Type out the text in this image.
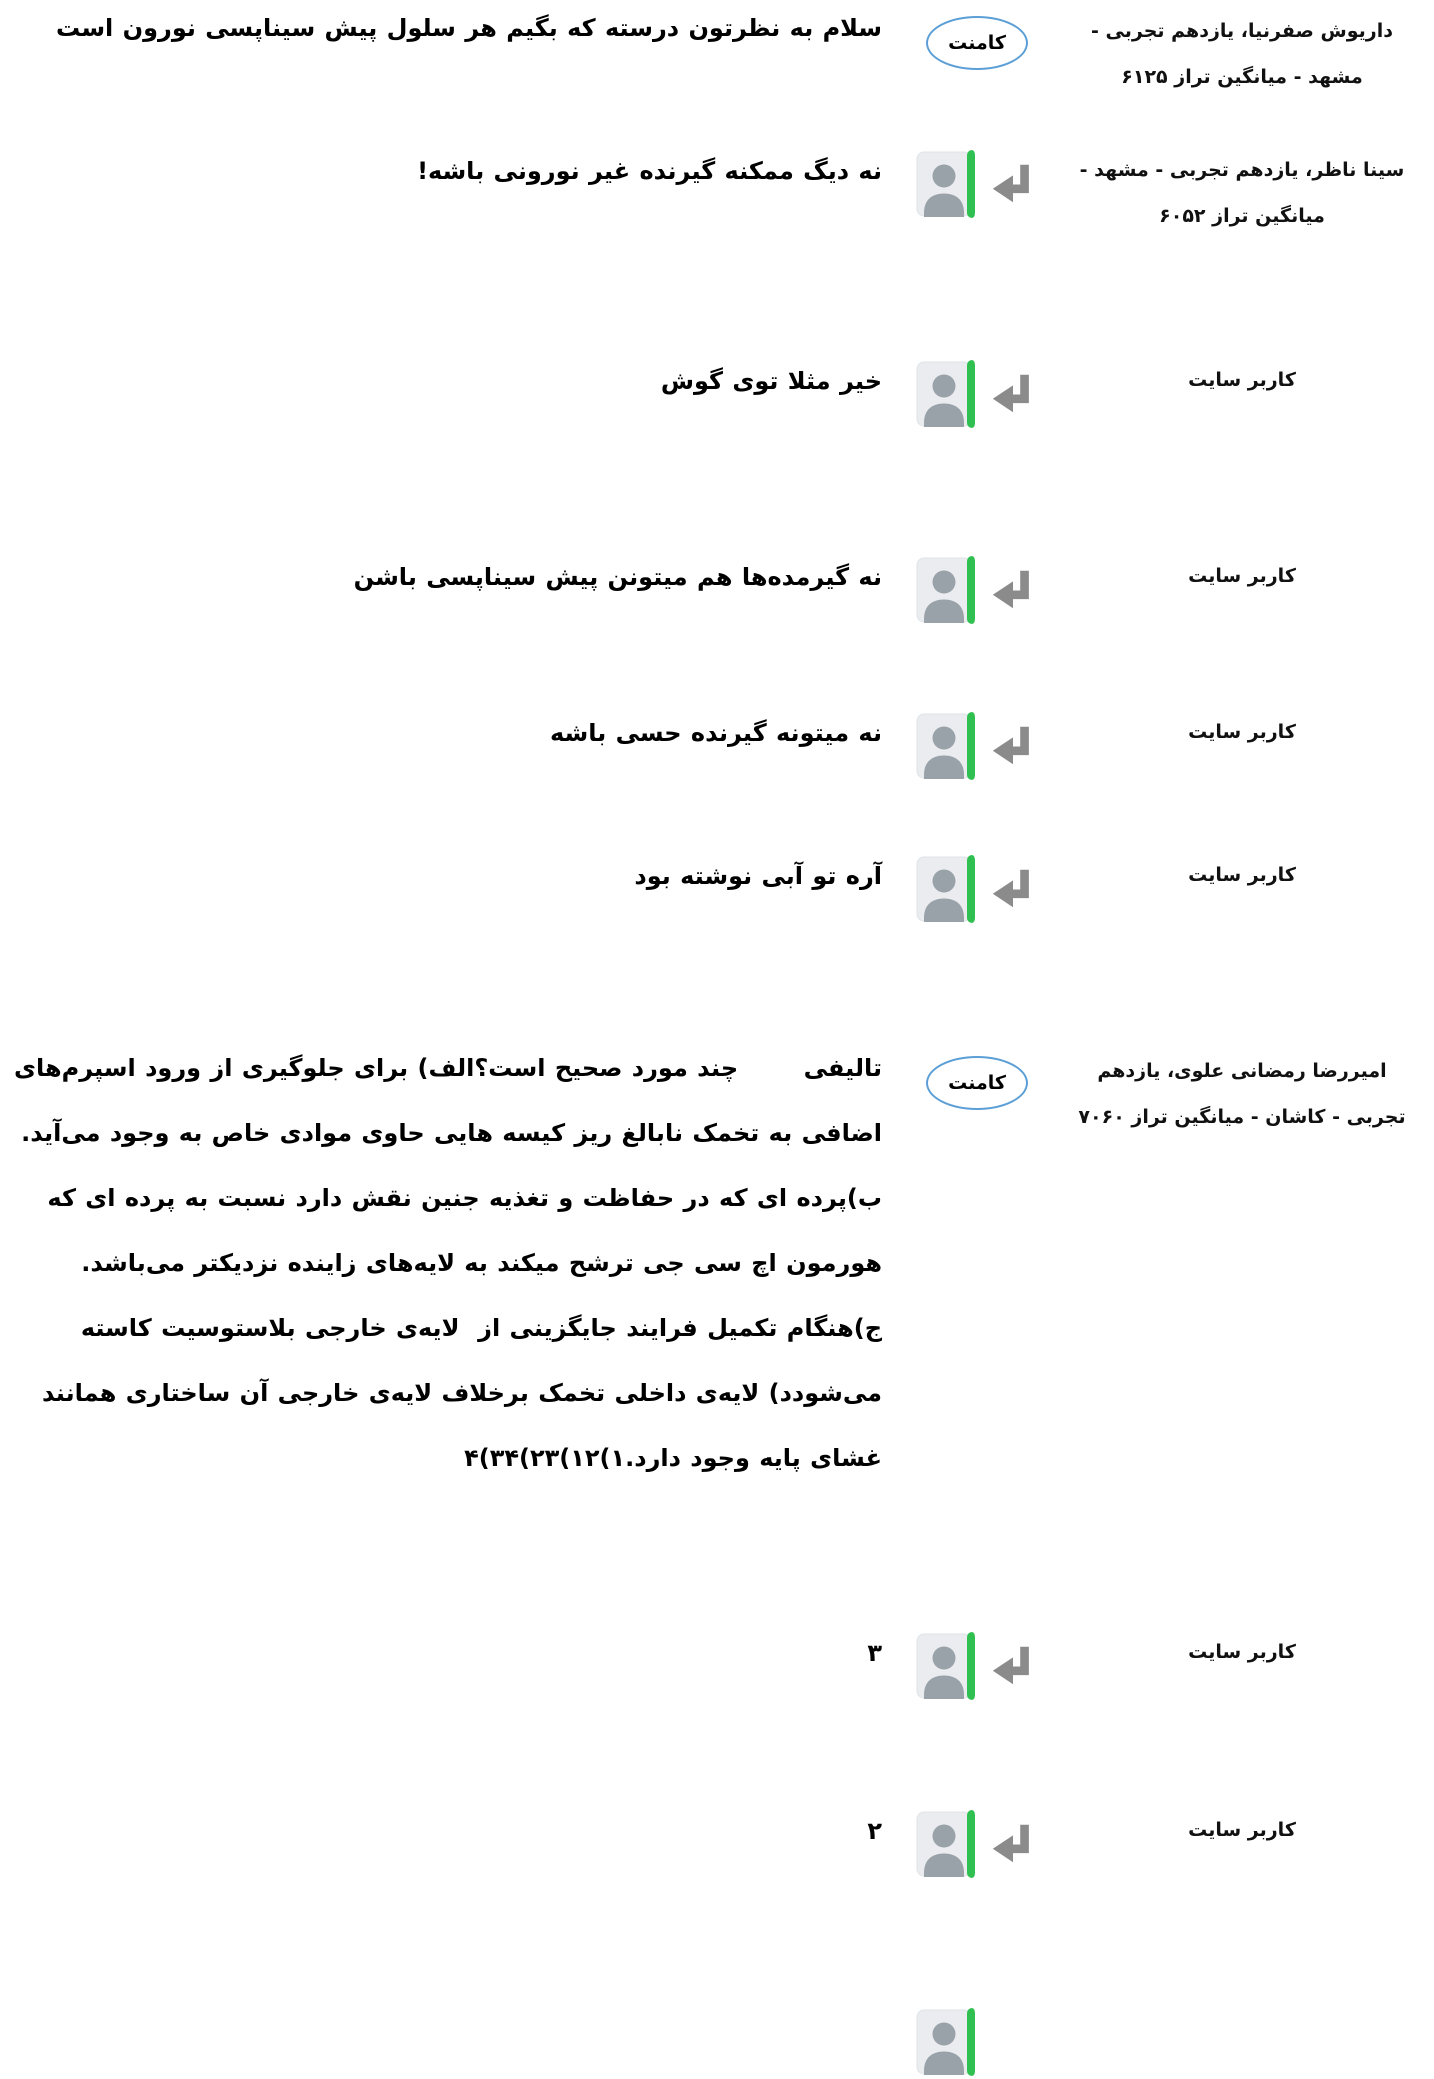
داریوش صفرنیا، یازدهم تجربی - مشهد - میانگین تراز ۶۱۲۵
کامنت
سلام به نظرتون درسته که بگیم هر سلول پیش سیناپسی نورون است
سینا ناظر، یازدهم تجربی - مشهد - میانگین تراز ۶۰۵۲
نه دیگ ممکنه گیرنده غیر نورونی باشه!
کاربر سایت
خیر مثلا توی گوش
کاربر سایت
نه گیرمده‌ها هم میتونن پیش سیناپسی باشن
کاربر سایت
نه میتونه گیرنده حسی باشه
کاربر سایت
آره تو آبی نوشته بود
امیررضا رمضانی علوی، یازدهم تجربی - کاشان - میانگین تراز ۷۰۶۰
کامنت
تالیفی       چند مورد صحیح است؟الف) برای جلوگیری از ورود اسپرم‌های اضافی به تخمک نابالغ ریز کیسه هایی حاوی موادی خاص به وجود می‌آید. ب)پرده ای که در حفاظت و تغذیه جنین نقش دارد نسبت به پرده ای که هورمون اچ سی جی ترشح میکند به لایه‌های زاینده نزدیکتر می‌باشد. ج)هنگام تکمیل فرایند جایگزینی از  لایه‌ی خارجی بلاستوسیت کاسته می‌شودد) لایه‌ی داخلی تخمک برخلاف لایه‌ی خارجی آن ساختاری همانند غشای پایه وجود دارد.۱)۱۲)۲۳)۳۴)۴
کاربر سایت
۳
کاربر سایت
۲
